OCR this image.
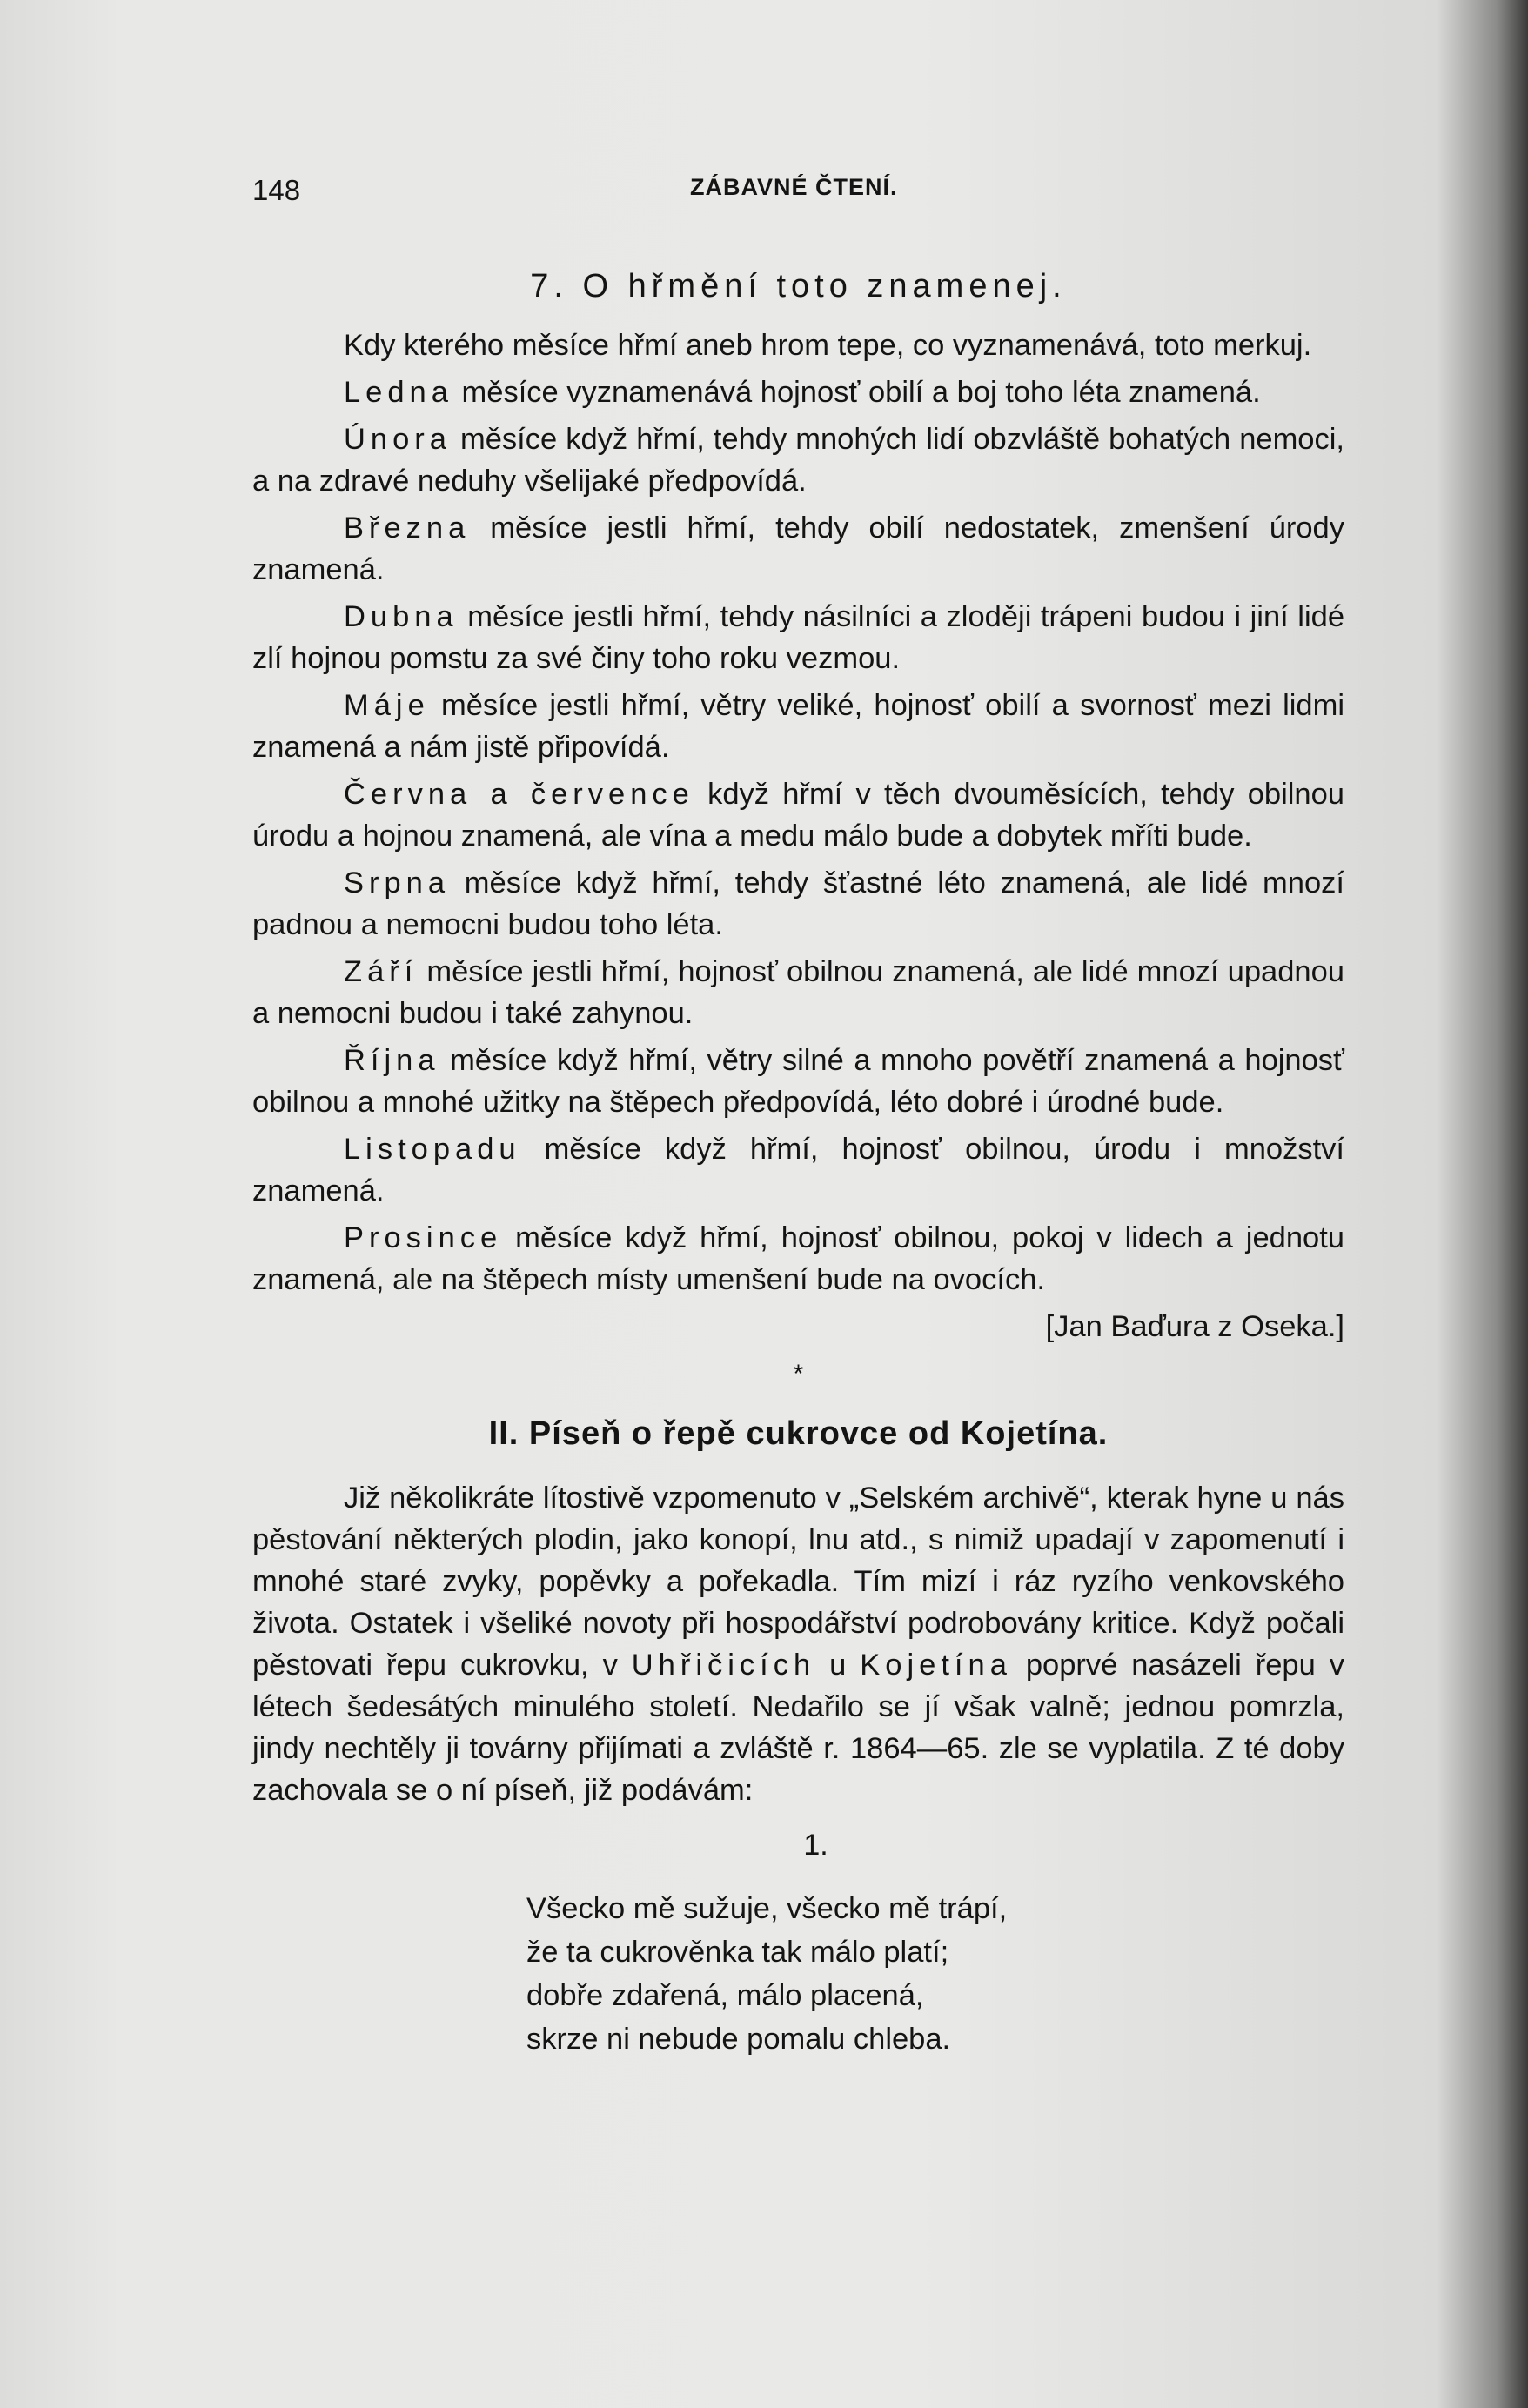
148	ZÁBAVNÉ ČTENÍ.
7. O hřmění toto znamenej.

Kdy kterého měsíce hřmí aneb hrom tepe, co vyznamenává, toto merkuj.

Ledna měsíce vyznamenává hojnosť obilí a boj toho léta znamená.

Února měsíce když hřmí, tehdy mnohých lidí obzvláště bohatých nemoci, a na zdravé neduhy všelijaké předpovídá.

Března měsíce jestli hřmí, tehdy obilí nedostatek, zmenšení úrody znamená.

Dubna měsíce jestli hřmí, tehdy násilníci a zloději trápeni budou i jiní lidé zlí hojnou pomstu za své činy toho roku vezmou.

Máje měsíce jestli hřmí, větry veliké, hojnosť obilí a svornosť mezi lidmi znamená a nám jistě připovídá.

Června a července když hřmí v těch dvouměsících, tehdy obilnou úrodu a hojnou znamená, ale vína a medu málo bude a dobytek mříti bude.

Srpna měsíce když hřmí, tehdy šťastné léto znamená, ale lidé mnozí padnou a nemocni budou toho léta.

Září měsíce jestli hřmí, hojnosť obilnou znamená, ale lidé mnozí upadnou a nemocni budou i také zahynou.

Října měsíce když hřmí, větry silné a mnoho povětří znamená a hojnosť obilnou a mnohé užitky na štěpech předpovídá, léto dobré i úrodné bude.

Listopadu měsíce když hřmí, hojnosť obilnou, úrodu i množství znamená.

Prosince měsíce když hřmí, hojnosť obilnou, pokoj v lidech a jednotu znamená, ale na štěpech místy umenšení bude na ovocích.

[Jan Baďura z Oseka.]
*
II. Píseň o řepě cukrovce od Kojetína.

Již několikráte lítostivě vzpomenuto v „Selském archivě“, kterak hyne u nás pěstování některých plodin, jako konopí, lnu atd., s nimiž upadají v zapomenutí i mnohé staré zvyky, popěvky a pořekadla. Tím mizí i ráz ryzího venkovského života. Ostatek i všeliké novoty při hospodářství podrobovány kritice. Když počali pěstovati řepu cukrovku, v Uhřičicích u Kojetína poprvé nasázeli řepu v létech šedesátých minulého století. Nedařilo se jí však valně; jednou pomrzla, jindy nechtěly ji továrny přijímati a zvláště r. 1864—65. zle se vyplatila. Z té doby zachovala se o ní píseň, již podávám:

1.
Všecko mě sužuje, všecko mě trápí,
že ta cukrověnka tak málo platí;
dobře zdařená, málo placená,
skrze ni nebude pomalu chleba.
